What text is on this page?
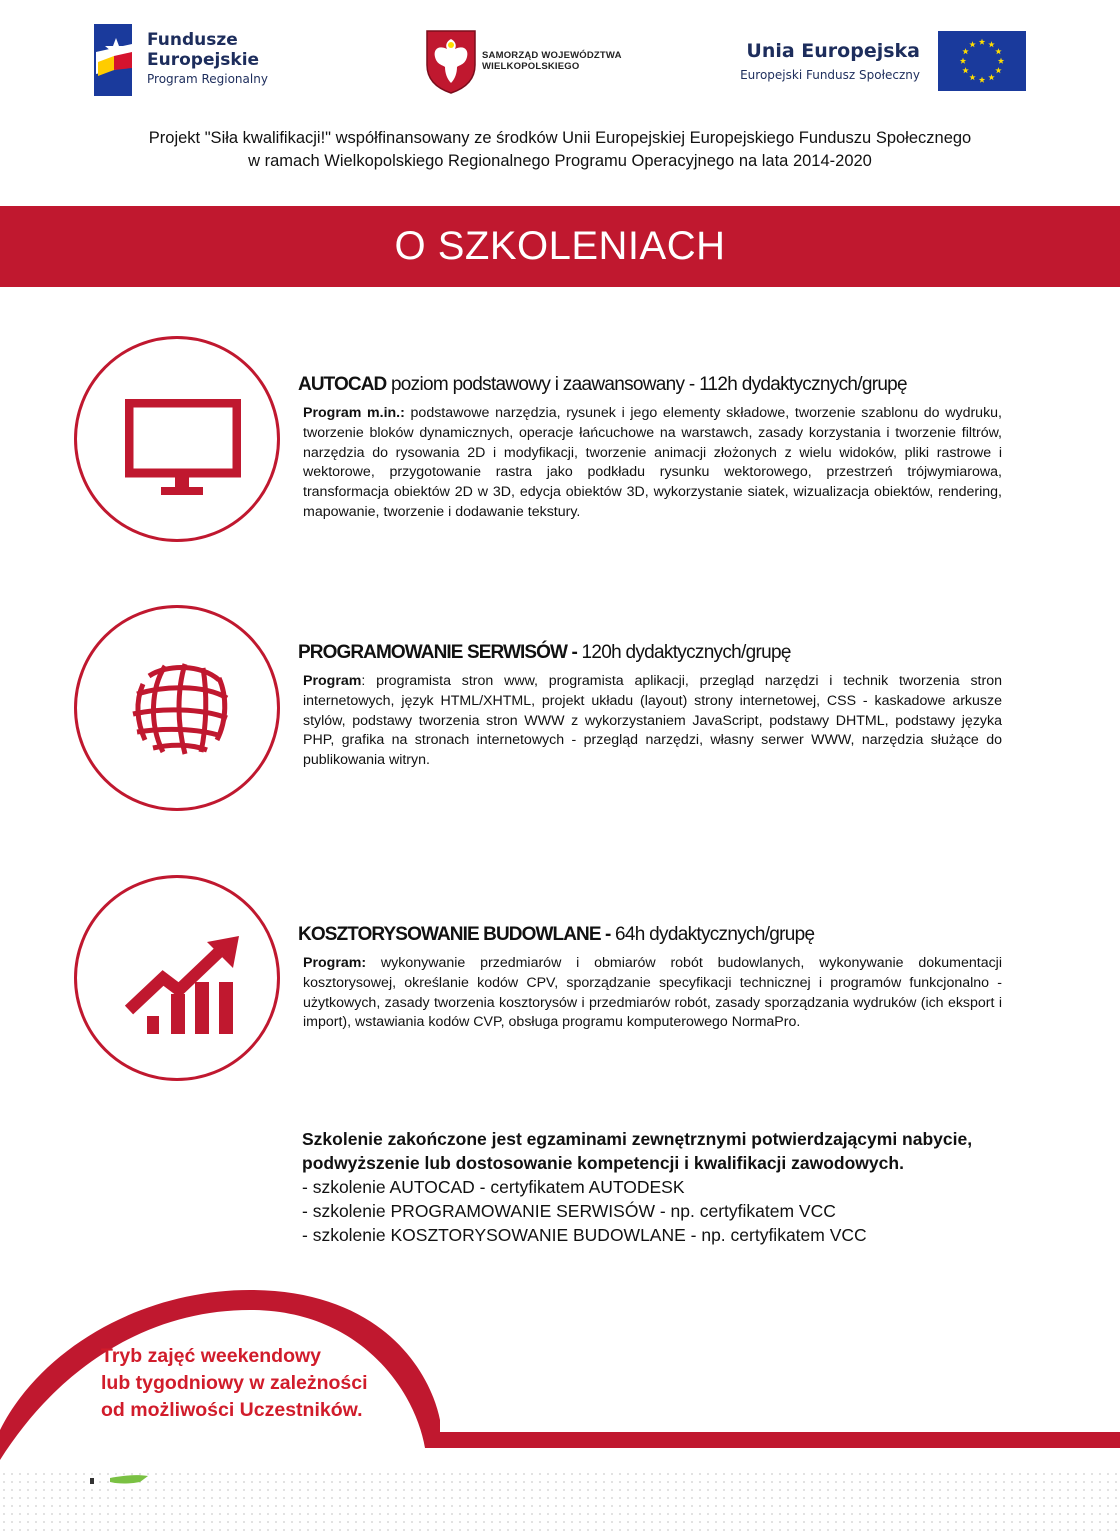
Fundusze
Europejskie
Program Regionalny
SAMORZĄD WOJEWÓDZTWA
WIELKOPOLSKIEGO
Unia Europejska
Europejski Fundusz Społeczny
Projekt "Siła kwalifikacji!" współfinansowany ze środków Unii Europejskiej Europejskiego Funduszu Społecznego
w ramach Wielkopolskiego Regionalnego Programu Operacyjnego na lata 2014-2020
O SZKOLENIACH
AUTOCAD poziom podstawowy i zaawansowany - 112h dydaktycznych/grupę
Program m.in.: podstawowe narzędzia, rysunek i jego elementy składowe, tworzenie szablonu do wydruku, tworzenie bloków dynamicznych, operacje łańcuchowe na warstawch, zasady korzystania i tworzenie filtrów, narzędzia do rysowania 2D i modyfikacji, tworzenie animacji złożonych z wielu widoków, pliki rastrowe i wektorowe, przygotowanie rastra jako podkładu rysunku wektorowego, przestrzeń trójwymiarowa, transformacja obiektów 2D w 3D, edycja obiektów 3D, wykorzystanie siatek, wizualizacja obiektów, rendering, mapowanie, tworzenie i dodawanie tekstury.
PROGRAMOWANIE SERWISÓW - 120h dydaktycznych/grupę
Program: programista stron www, programista aplikacji, przegląd narzędzi i technik tworzenia stron internetowych, język HTML/XHTML, projekt układu (layout) strony internetowej, CSS - kaskadowe arkusze stylów, podstawy tworzenia stron WWW z wykorzystaniem JavaScript, podstawy DHTML, podstawy języka PHP, grafika na stronach internetowych - przegląd narzędzi, własny serwer WWW, narzędzia służące do publikowania witryn.
KOSZTORYSOWANIE BUDOWLANE - 64h dydaktycznych/grupę
Program: wykonywanie przedmiarów i obmiarów robót budowlanych, wykonywanie dokumentacji kosztorysowej, określanie kodów CPV, sporządzanie specyfikacji technicznej i programów funkcjonalno - użytkowych, zasady tworzenia kosztorysów i przedmiarów robót, zasady sporządzania wydruków (ich eksport i import), wstawiania kodów CVP, obsługa programu komputerowego NormaPro.
Szkolenie zakończone jest egzaminami zewnętrznymi potwierdzającymi nabycie,
podwyższenie lub dostosowanie kompetencji i kwalifikacji zawodowych.
- szkolenie AUTOCAD - certyfikatem AUTODESK
- szkolenie PROGRAMOWANIE SERWISÓW - np. certyfikatem VCC
- szkolenie KOSZTORYSOWANIE BUDOWLANE - np. certyfikatem VCC
Tryb zajęć weekendowy
lub tygodniowy w zależności
od możliwości Uczestników.
